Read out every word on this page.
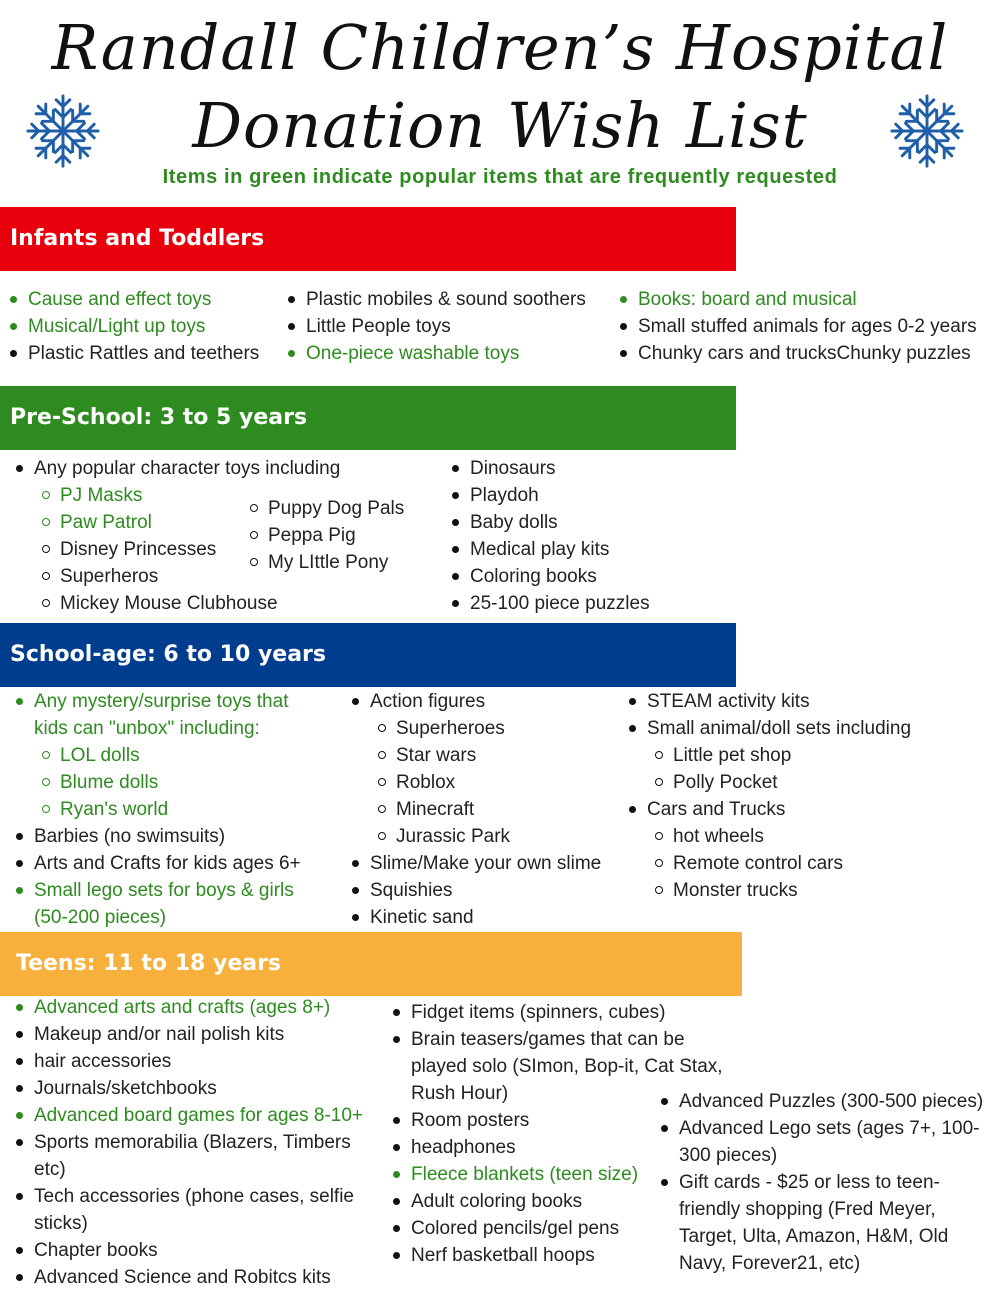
Randall Children’s Hospital
Donation Wish List
Items in green indicate popular items that are frequently requested
Infants and Toddlers
Cause and effect toys
Musical/Light up toys
Plastic Rattles and teethers
Plastic mobiles & sound soothers
Little People toys
One-piece washable toys
Books: board and musical
Small stuffed animals for ages 0-2 years
Chunky cars and trucksChunky puzzles
Pre-School: 3 to 5 years
Any popular character toys including
PJ Masks
Paw Patrol
Disney Princesses
Superheros
Mickey Mouse Clubhouse
Puppy Dog Pals
Peppa Pig
My LIttle Pony
Dinosaurs
Playdoh
Baby dolls
Medical play kits
Coloring books
25-100 piece puzzles
School-age: 6 to 10 years
Any mystery/surprise toys that
kids can "unbox" including:
LOL dolls
Blume dolls
Ryan's world
Barbies (no swimsuits)
Arts and Crafts for kids ages 6+
Small lego sets for boys & girls
(50-200 pieces)
Action figures
Superheroes
Star wars
Roblox
Minecraft
Jurassic Park
Slime/Make your own slime
Squishies
Kinetic sand
STEAM activity kits
Small animal/doll sets including
Little pet shop
Polly Pocket
Cars and Trucks
hot wheels
Remote control cars
Monster trucks
Teens: 11 to 18 years
Advanced arts and crafts (ages 8+)
Makeup and/or nail polish kits
hair accessories
Journals/sketchbooks
Advanced board games for ages 8-10+
Sports memorabilia (Blazers, Timbers
etc)
Tech accessories (phone cases, selfie
sticks)
Chapter books
Advanced Science and Robitcs kits
Fidget items (spinners, cubes)
Brain teasers/games that can be
played solo (SImon, Bop-it, Cat Stax,
Rush Hour)
Room posters
headphones
Fleece blankets (teen size)
Adult coloring books
Colored pencils/gel pens
Nerf basketball hoops
Advanced Puzzles (300-500 pieces)
Advanced Lego sets (ages 7+, 100-
300 pieces)
Gift cards - $25 or less to teen-
friendly shopping (Fred Meyer,
Target, Ulta, Amazon, H&M, Old
Navy, Forever21, etc)
